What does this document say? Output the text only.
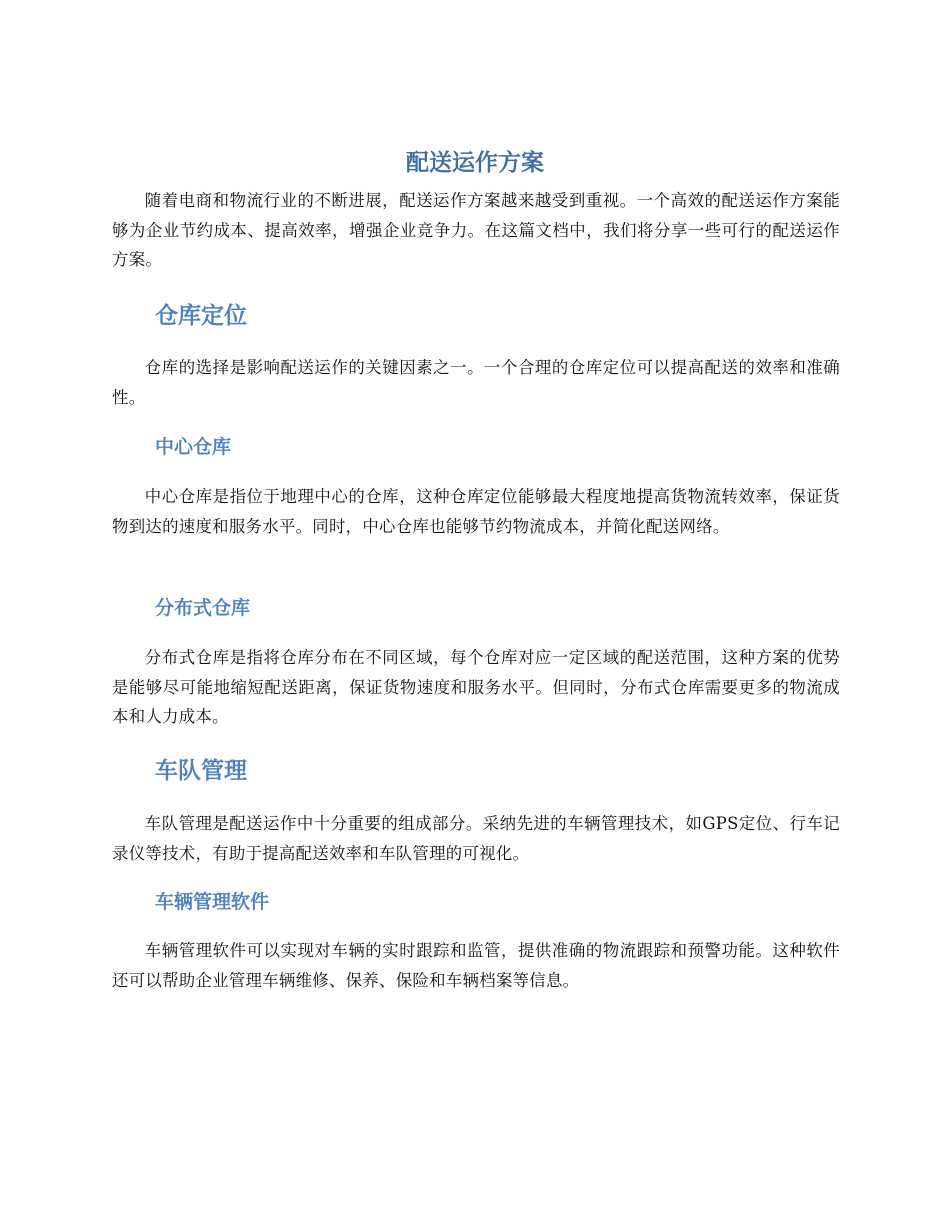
配送运作方案

随着电商和物流行业的不断进展，配送运作方案越来越受到重视。一个高效的配送运作方案能够为企业节约成本、提高效率，增强企业竞争力。在这篇文档中，我们将分享一些可行的配送运作方案。

仓库定位

仓库的选择是影响配送运作的关键因素之一。一个合理的仓库定位可以提高配送的效率和准确性。

中心仓库

中心仓库是指位于地理中心的仓库，这种仓库定位能够最大程度地提高货物流转效率，保证货物到达的速度和服务水平。同时，中心仓库也能够节约物流成本，并简化配送网络。

分布式仓库

分布式仓库是指将仓库分布在不同区域，每个仓库对应一定区域的配送范围，这种方案的优势是能够尽可能地缩短配送距离，保证货物速度和服务水平。但同时，分布式仓库需要更多的物流成本和人力成本。

车队管理

车队管理是配送运作中十分重要的组成部分。采纳先进的车辆管理技术，如GPS定位、行车记录仪等技术，有助于提高配送效率和车队管理的可视化。

车辆管理软件

车辆管理软件可以实现对车辆的实时跟踪和监管，提供准确的物流跟踪和预警功能。这种软件还可以帮助企业管理车辆维修、保养、保险和车辆档案等信息。
